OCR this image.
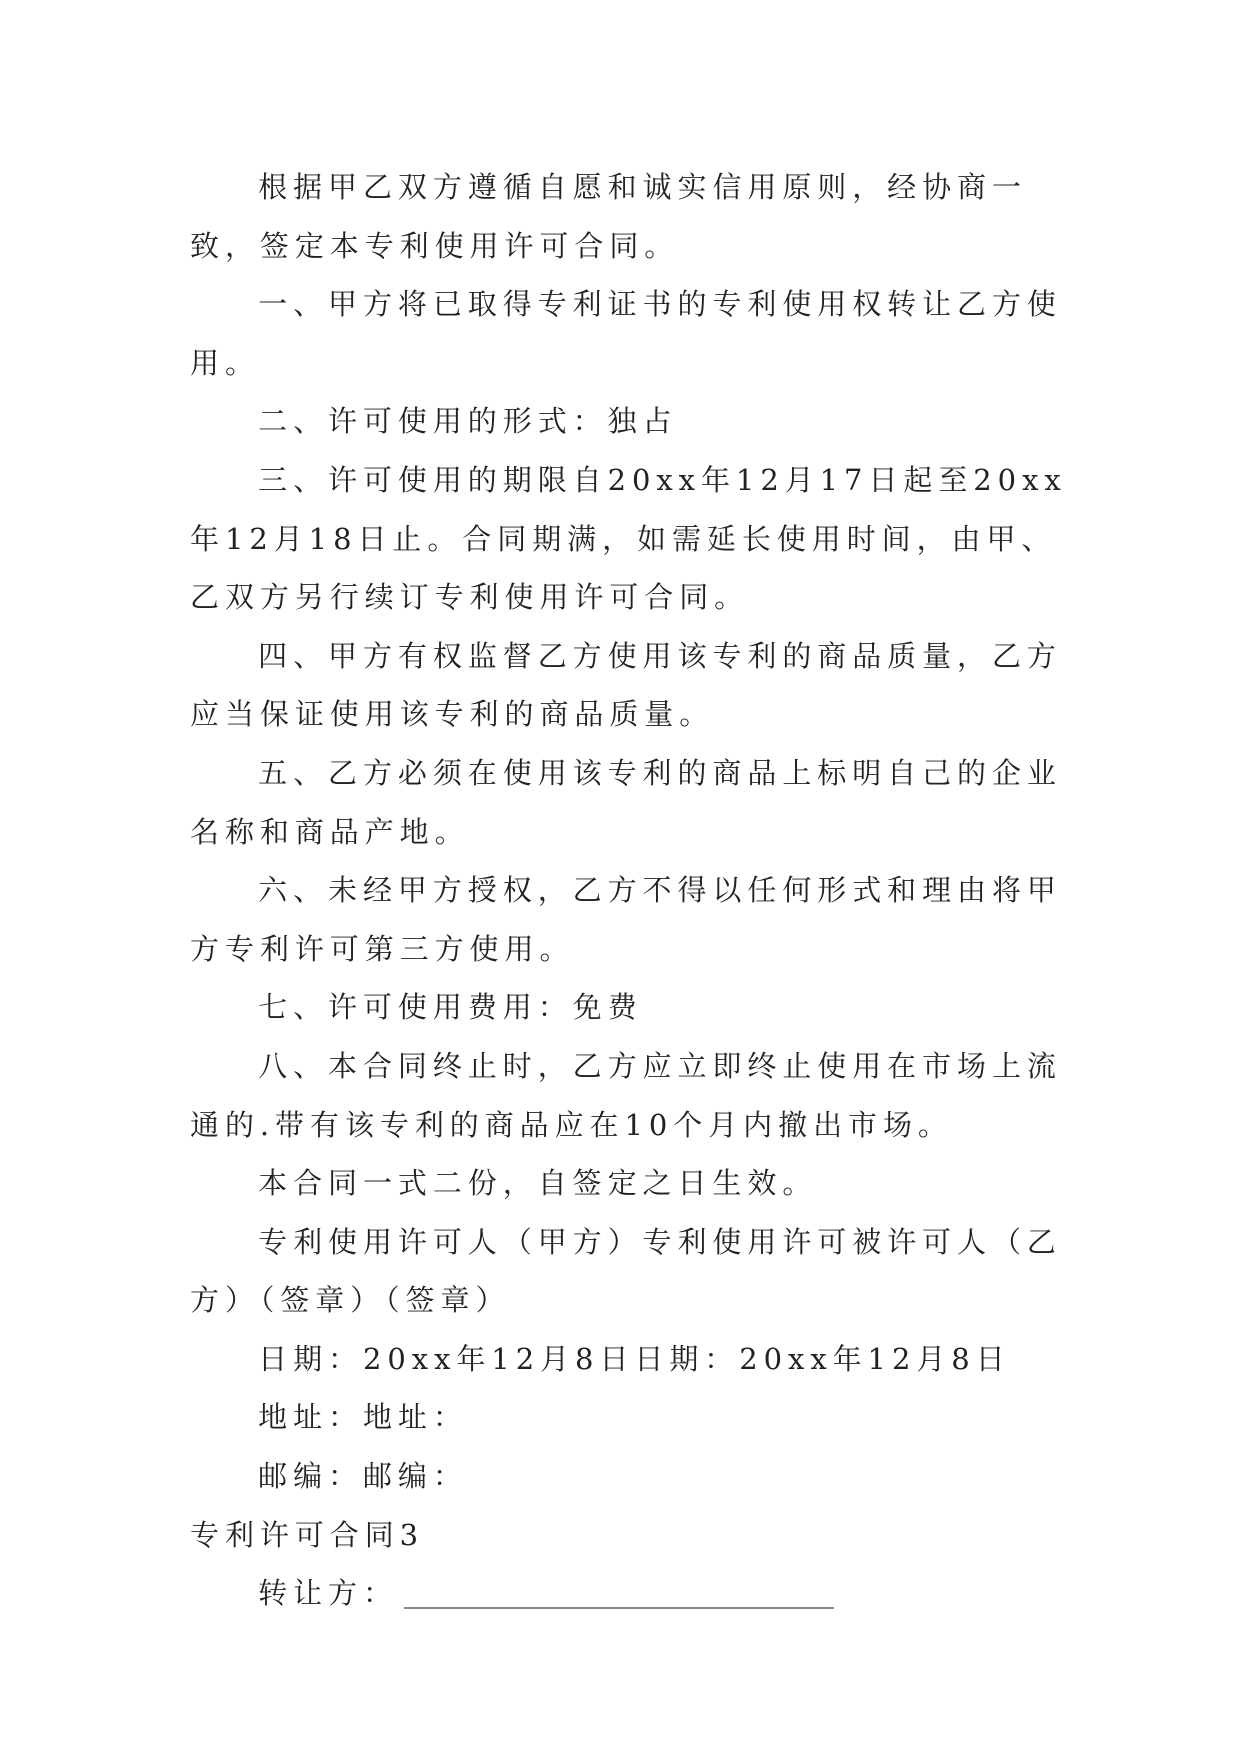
根据甲乙双方遵循自愿和诚实信用原则，经协商一致，签定本专利使用许可合同。

一、甲方将已取得专利证书的专利使用权转让乙方使用。

二、许可使用的形式：独占

三、许可使用的期限自20xx年12月17日起至20xx年12月18日止。合同期满，如需延长使用时间，由甲、乙双方另行续订专利使用许可合同。

四、甲方有权监督乙方使用该专利的商品质量，乙方应当保证使用该专利的商品质量。

五、乙方必须在使用该专利的商品上标明自己的企业名称和商品产地。

六、未经甲方授权，乙方不得以任何形式和理由将甲方专利许可第三方使用。

七、许可使用费用：免费

八、本合同终止时，乙方应立即终止使用在市场上流通的.带有该专利的商品应在10个月内撤出市场。

本合同一式二份，自签定之日生效。

专利使用许可人（甲方）专利使用许可被许可人（乙方）（签章）（签章）

日期：20xx年12月8日日期：20xx年12月8日

地址：地址：

邮编：邮编：

专利许可合同3

转让方：
